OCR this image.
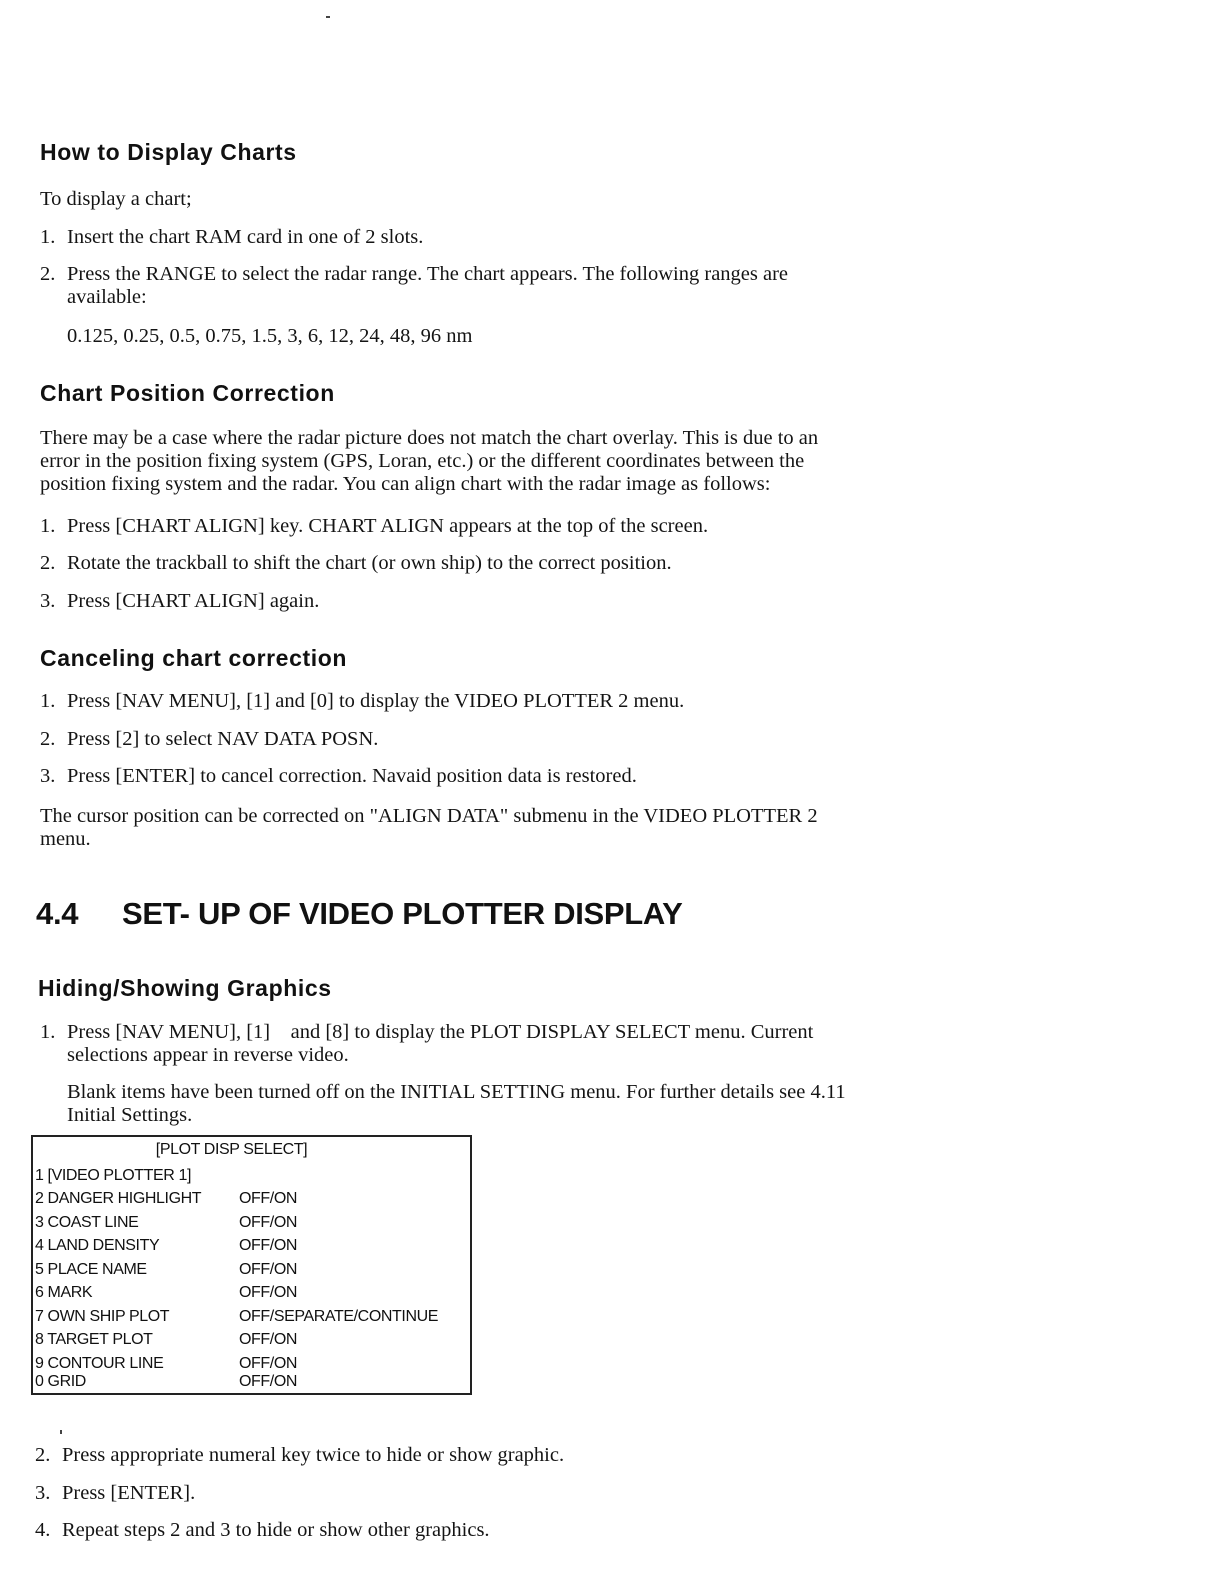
How to Display Charts
To display a chart;
1. Insert the chart RAM card in one of 2 slots.
2. Press the RANGE to select the radar range. The chart appears. The following ranges are
available:
0.125, 0.25, 0.5, 0.75, 1.5, 3, 6, 12, 24, 48, 96 nm
Chart Position Correction
There may be a case where the radar picture does not match the chart overlay. This is due to an
error in the position fixing system (GPS, Loran, etc.) or the different coordinates between the
position fixing system and the radar. You can align chart with the radar image as follows:
1. Press [CHART ALIGN] key. CHART ALIGN appears at the top of the screen.
2. Rotate the trackball to shift the chart (or own ship) to the correct position.
3. Press [CHART ALIGN] again.
Canceling chart correction
1. Press [NAV MENU], [1] and [0] to display the VIDEO PLOTTER 2 menu.
2. Press [2] to select NAV DATA POSN.
3. Press [ENTER] to cancel correction. Navaid position data is restored.
The cursor position can be corrected on "ALIGN DATA" submenu in the VIDEO PLOTTER 2
menu.
4.4 SET- UP OF VIDEO PLOTTER DISPLAY
Hiding/Showing Graphics
1. Press [NAV MENU], [1]    and [8] to display the PLOT DISPLAY SELECT menu. Current
selections appear in reverse video.
Blank items have been turned off on the INITIAL SETTING menu. For further details see 4.11
Initial Settings.
[PLOT DISP SELECT]
1 [VIDEO PLOTTER 1]
2 DANGER HIGHLIGHT OFF/ON
3 COAST LINE	OFF/ON
4 LAND DENSITY	OFF/ON
5 PLACE NAME	OFF/ON
6 MARK	OFF/ON
7 OWN SHIP PLOT	OFF/SEPARATE/CONTINUE
8 TARGET PLOT	OFF/ON
9 CONTOUR LINE	OFF/ON
0 GRID	OFF/ON
2. Press appropriate numeral key twice to hide or show graphic.
3. Press [ENTER].
4. Repeat steps 2 and 3 to hide or show other graphics.
